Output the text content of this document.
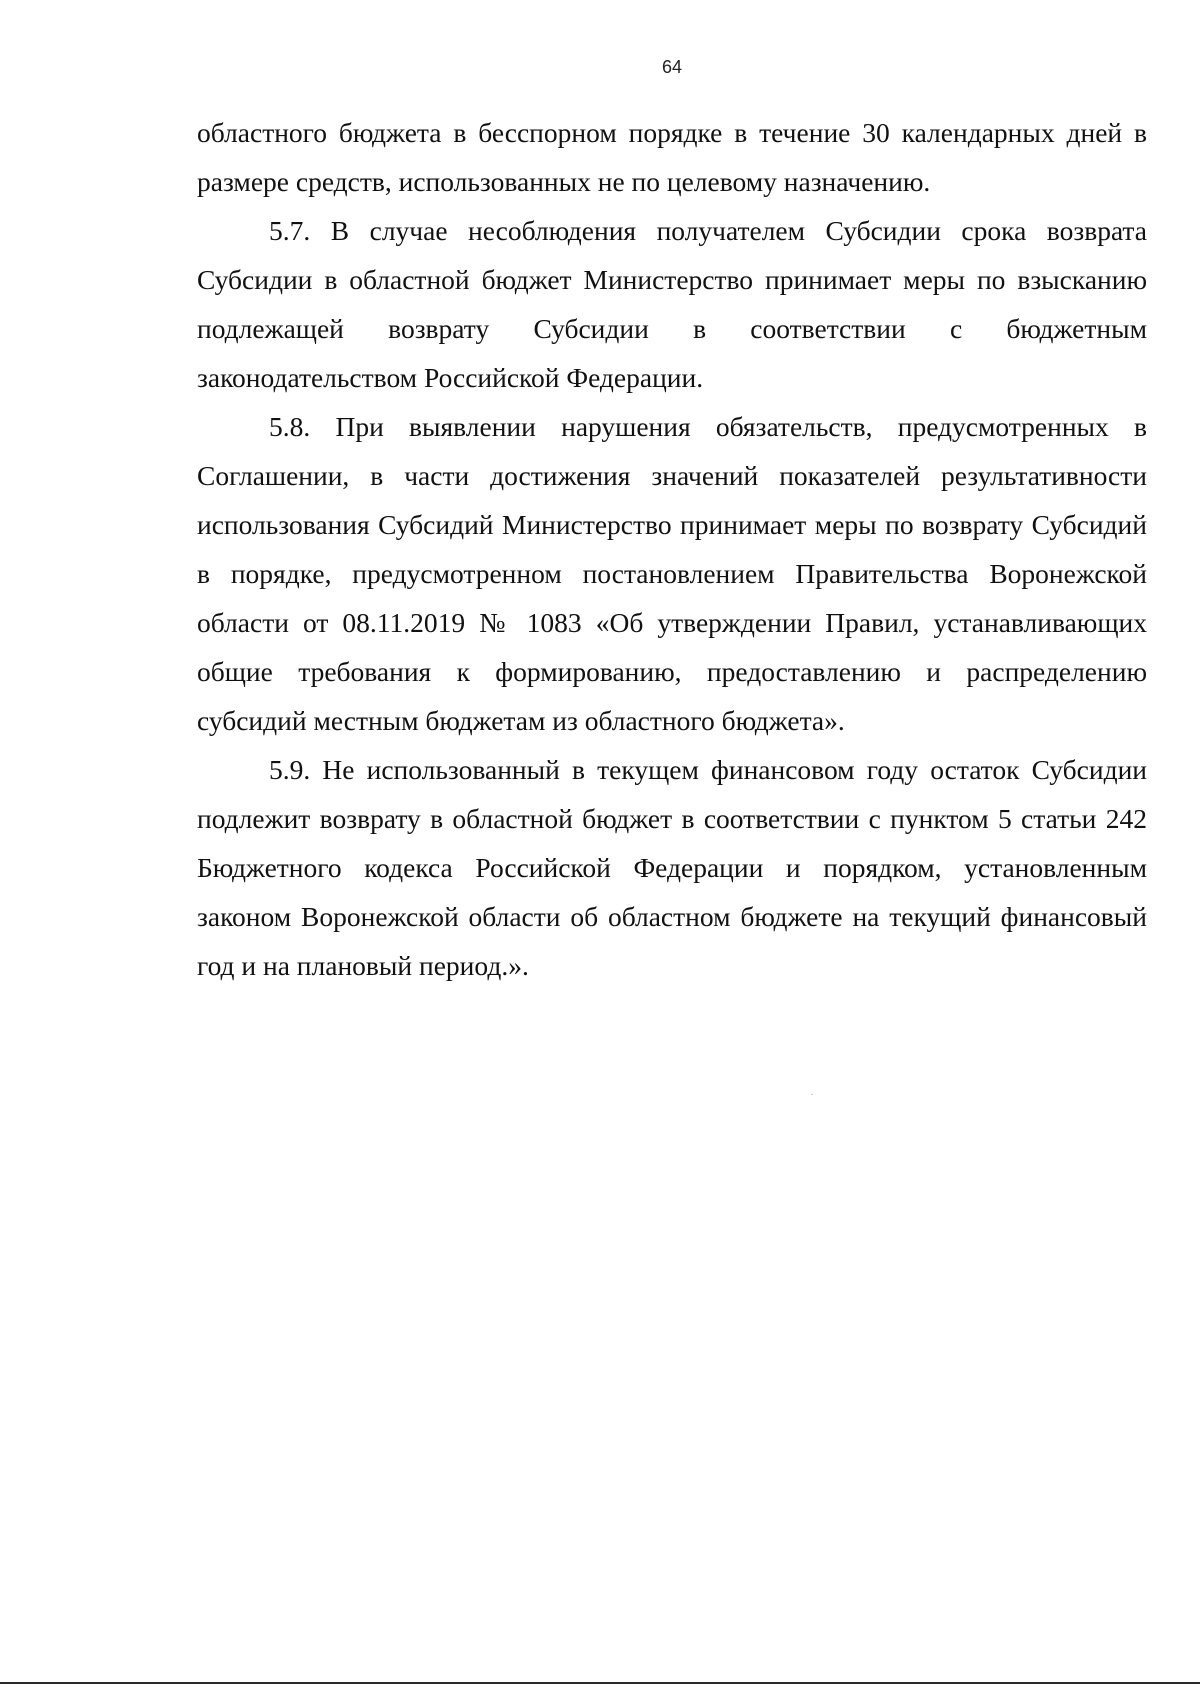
64

областного бюджета в бесспорном порядке в течение 30 календарных дней в размере средств, использованных не по целевому назначению.

5.7. В случае несоблюдения получателем Субсидии срока возврата Субсидии в областной бюджет Министерство принимает меры по взысканию подлежащей возврату Субсидии в соответствии с бюджетным законодательством Российской Федерации.

5.8. При выявлении нарушения обязательств, предусмотренных в Соглашении, в части достижения значений показателей результативности использования Субсидий Министерство принимает меры по возврату Субсидий в порядке, предусмотренном постановлением Правительства Воронежской области от 08.11.2019 № 1083 «Об утверждении Правил, устанавливающих общие требования к формированию, предоставлению и распределению субсидий местным бюджетам из областного бюджета».

5.9. Не использованный в текущем финансовом году остаток Субсидии подлежит возврату в областной бюджет в соответствии с пунктом 5 статьи 242 Бюджетного кодекса Российской Федерации и порядком, установленным законом Воронежской области об областном бюджете на текущий финансовый год и на плановый период.».
